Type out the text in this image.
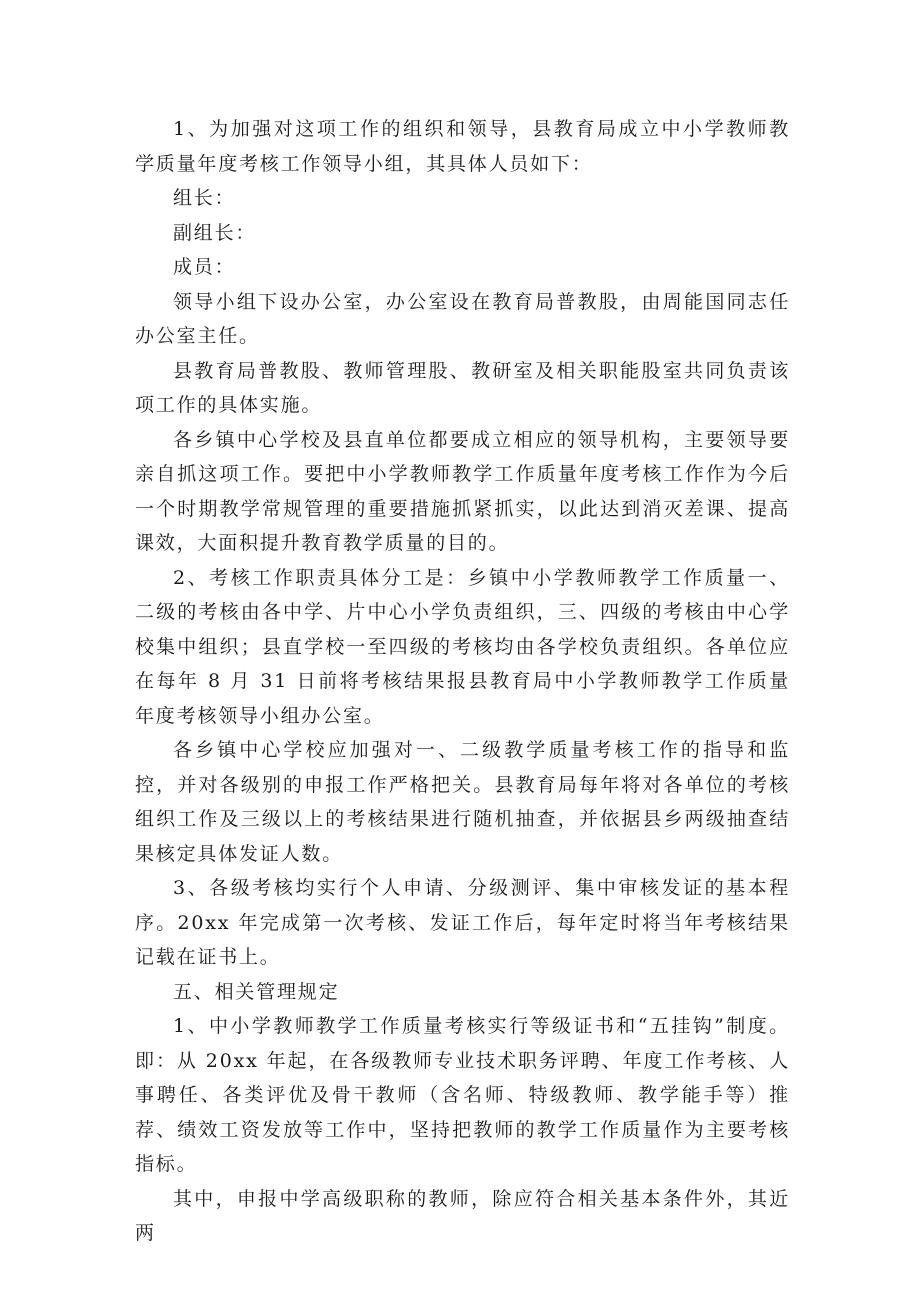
1、为加强对这项工作的组织和领导，县教育局成立中小学教师教学质量年度考核工作领导小组，其具体人员如下：

组长：

副组长：

成员：

领导小组下设办公室，办公室设在教育局普教股，由周能国同志任办公室主任。

县教育局普教股、教师管理股、教研室及相关职能股室共同负责该项工作的具体实施。

各乡镇中心学校及县直单位都要成立相应的领导机构，主要领导要亲自抓这项工作。要把中小学教师教学工作质量年度考核工作作为今后一个时期教学常规管理的重要措施抓紧抓实，以此达到消灭差课、提高课效，大面积提升教育教学质量的目的。

2、考核工作职责具体分工是：乡镇中小学教师教学工作质量一、二级的考核由各中学、片中心小学负责组织，三、四级的考核由中心学校集中组织；县直学校一至四级的考核均由各学校负责组织。各单位应在每年 8 月 31 日前将考核结果报县教育局中小学教师教学工作质量年度考核领导小组办公室。

各乡镇中心学校应加强对一、二级教学质量考核工作的指导和监控，并对各级别的申报工作严格把关。县教育局每年将对各单位的考核组织工作及三级以上的考核结果进行随机抽查，并依据县乡两级抽查结果核定具体发证人数。

3、各级考核均实行个人申请、分级测评、集中审核发证的基本程序。20xx 年完成第一次考核、发证工作后，每年定时将当年考核结果记载在证书上。

五、相关管理规定

1、中小学教师教学工作质量考核实行等级证书和“五挂钩”制度。即：从 20xx 年起，在各级教师专业技术职务评聘、年度工作考核、人事聘任、各类评优及骨干教师（含名师、特级教师、教学能手等）推荐、绩效工资发放等工作中，坚持把教师的教学工作质量作为主要考核指标。

其中，申报中学高级职称的教师，除应符合相关基本条件外，其近两
